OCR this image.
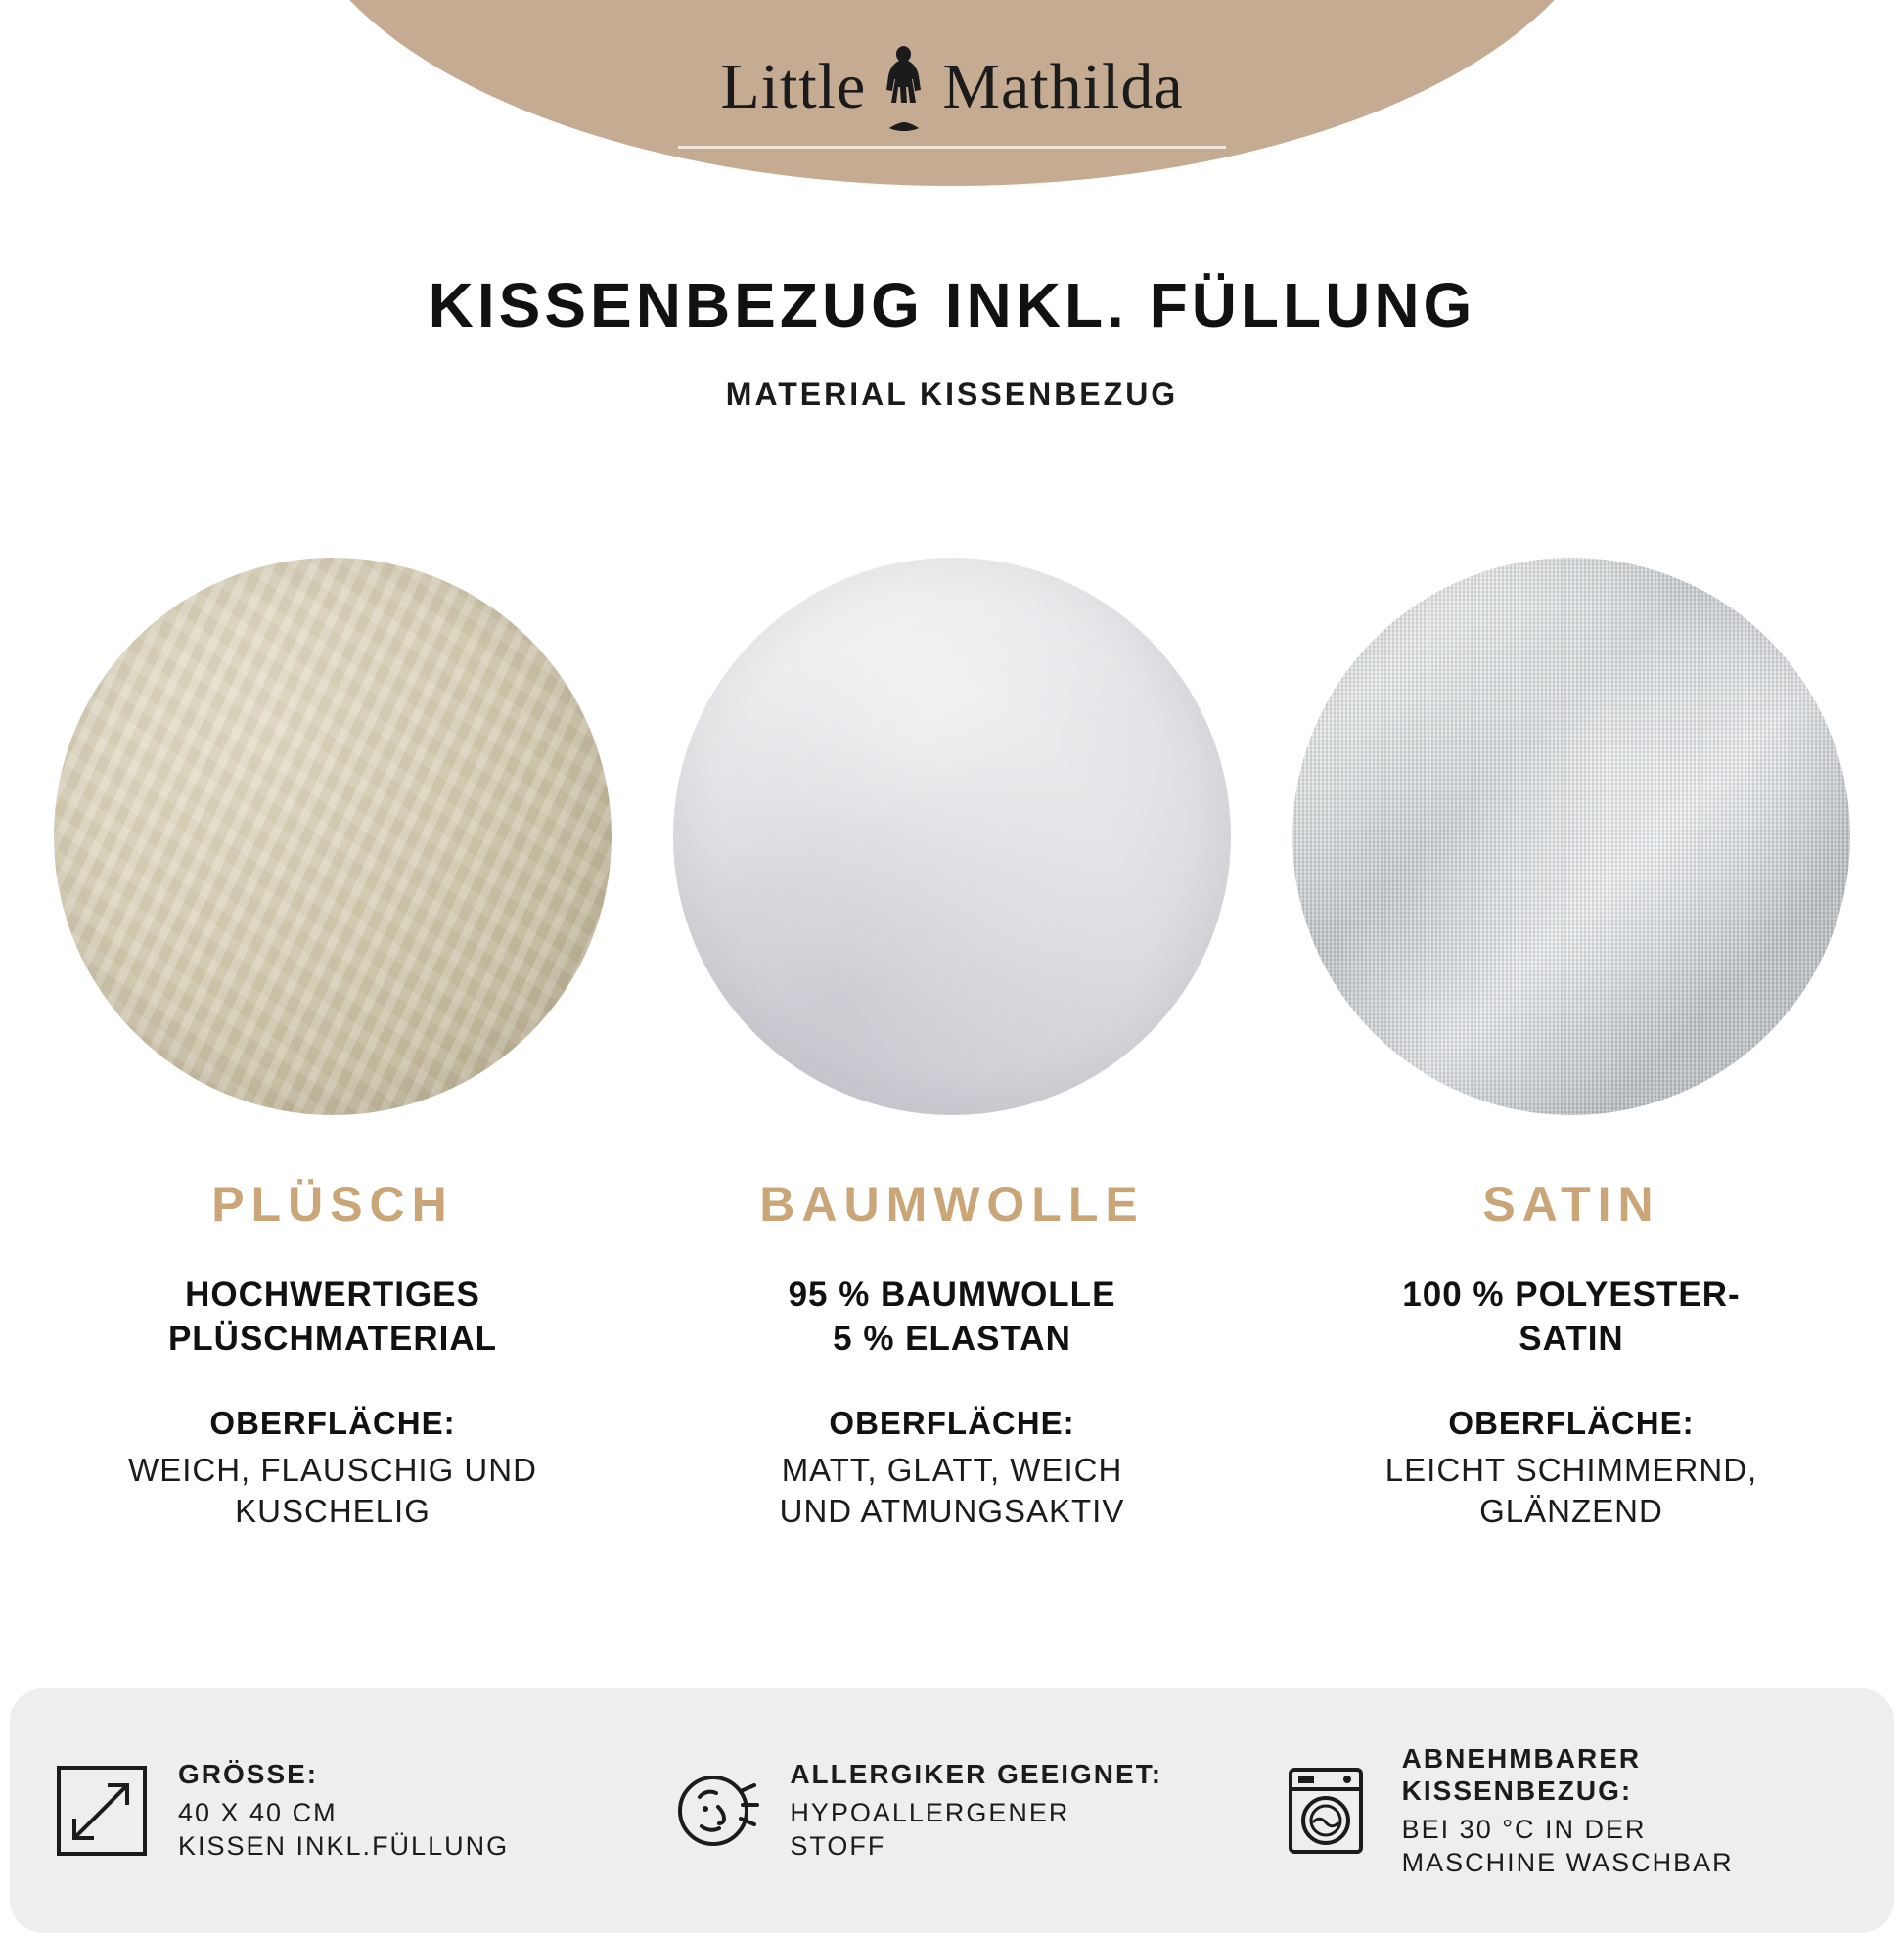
Little Mathilda
KISSENBEZUG INKL. FÜLLUNG
MATERIAL KISSENBEZUG
PLÜSCH
HOCHWERTIGES
PLÜSCHMATERIAL
OBERFLÄCHE:
WEICH, FLAUSCHIG UND
KUSCHELIG
BAUMWOLLE
95 % BAUMWOLLE
5 % ELASTAN
OBERFLÄCHE:
MATT, GLATT, WEICH
UND ATMUNGSAKTIV
SATIN
100 % POLYESTER-
SATIN
OBERFLÄCHE:
LEICHT SCHIMMERND,
GLÄNZEND
GRÖSSE:
40 X 40 CM
KISSEN INKL.FÜLLUNG
ALLERGIKER GEEIGNET:
HYPOALLERGENER
STOFF
ABNEHMBARER
KISSENBEZUG:
BEI 30 °C IN DER
MASCHINE WASCHBAR
